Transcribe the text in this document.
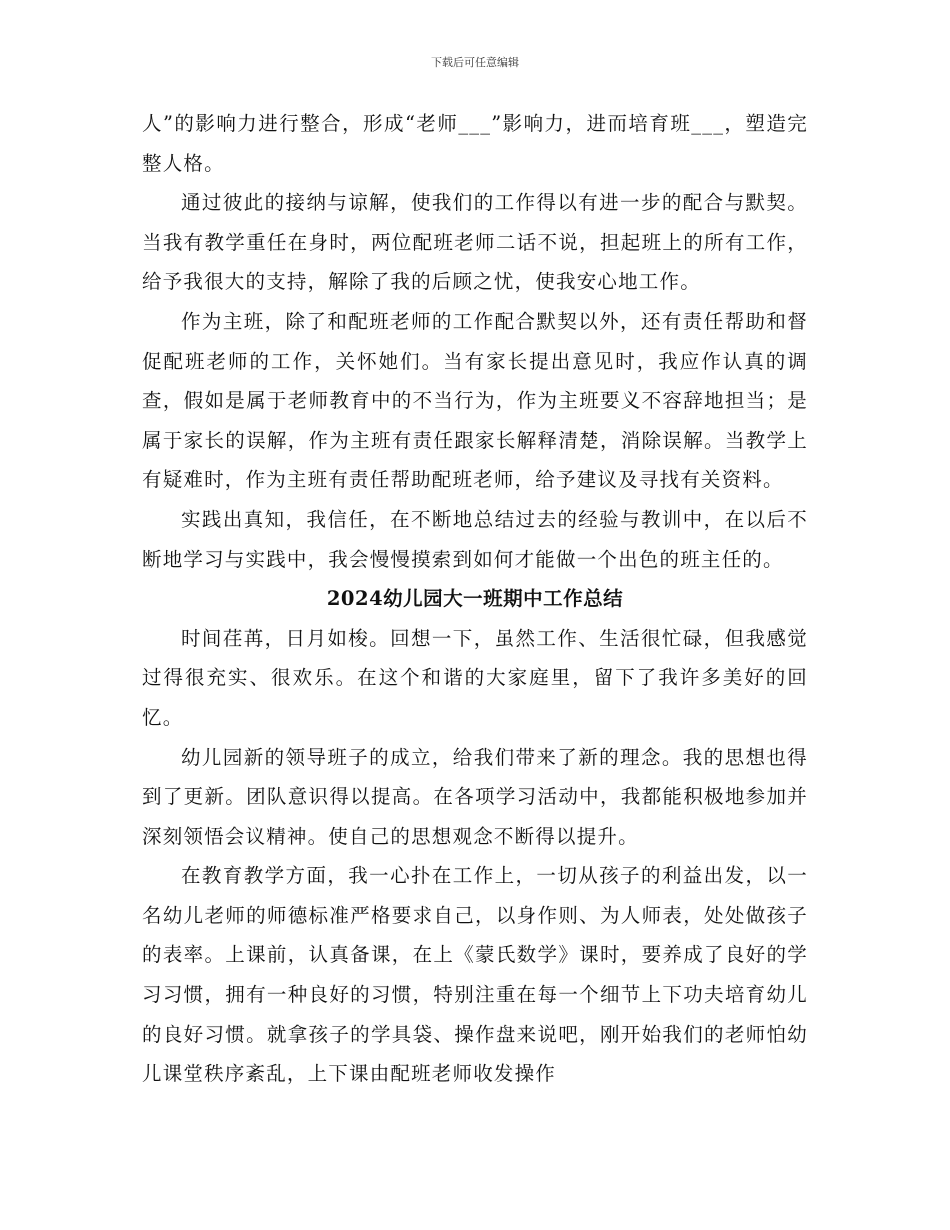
下载后可任意编辑

人”的影响力进行整合，形成“老师___”影响力，进而培育班___，塑造完整人格。

通过彼此的接纳与谅解，使我们的工作得以有进一步的配合与默契。当我有教学重任在身时，两位配班老师二话不说，担起班上的所有工作，给予我很大的支持，解除了我的后顾之忧，使我安心地工作。

作为主班，除了和配班老师的工作配合默契以外，还有责任帮助和督促配班老师的工作，关怀她们。当有家长提出意见时，我应作认真的调查，假如是属于老师教育中的不当行为，作为主班要义不容辞地担当；是属于家长的误解，作为主班有责任跟家长解释清楚，消除误解。当教学上有疑难时，作为主班有责任帮助配班老师，给予建议及寻找有关资料。

实践出真知，我信任，在不断地总结过去的经验与教训中，在以后不断地学习与实践中，我会慢慢摸索到如何才能做一个出色的班主任的。

2024幼儿园大一班期中工作总结

时间荏苒，日月如梭。回想一下，虽然工作、生活很忙碌，但我感觉过得很充实、很欢乐。在这个和谐的大家庭里，留下了我许多美好的回忆。

幼儿园新的领导班子的成立，给我们带来了新的理念。我的思想也得到了更新。团队意识得以提高。在各项学习活动中，我都能积极地参加并深刻领悟会议精神。使自己的思想观念不断得以提升。

在教育教学方面，我一心扑在工作上，一切从孩子的利益出发，以一名幼儿老师的师德标准严格要求自己，以身作则、为人师表，处处做孩子的表率。上课前，认真备课，在上《蒙氏数学》课时，要养成了良好的学习习惯，拥有一种良好的习惯，特别注重在每一个细节上下功夫培育幼儿的良好习惯。就拿孩子的学具袋、操作盘来说吧，刚开始我们的老师怕幼儿课堂秩序紊乱，上下课由配班老师收发操作
